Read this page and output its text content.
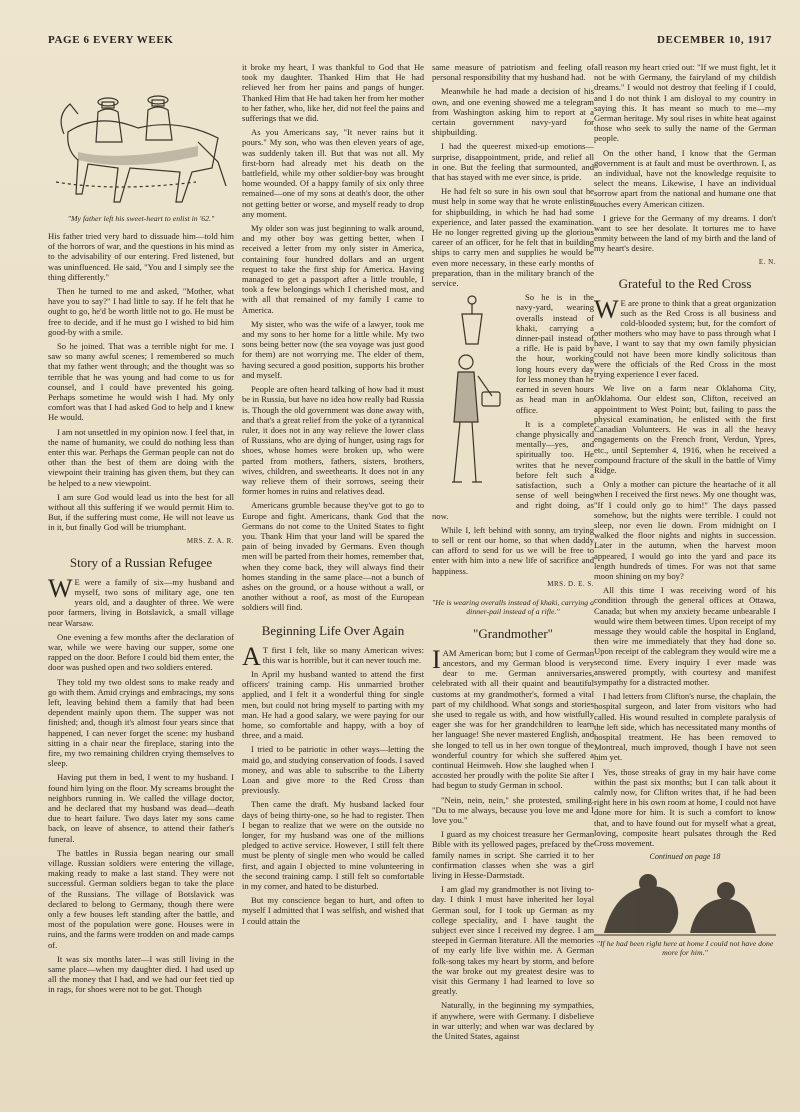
PAGE 6 EVERY WEEK	DECEMBER 10, 1917
"My father left his sweet-heart to enlist in '62."

His father tried very hard to dissuade him—told him of the horrors of war, and the questions in his mind as to the advisability of our entering. Fred listened, but was uninfluenced. He said, "You and I simply see the thing differently."

Then he turned to me and asked, "Mother, what have you to say?" I had little to say. If he felt that he ought to go, he'd be worth little not to go. He must be free to decide, and if he must go I wished to bid him good-by with a smile.

So he joined. That was a terrible night for me. I saw so many awful scenes; I remembered so much that my father went through; and the thought was so terrible that he was young and had come to us for counsel, and I could have prevented his going. Perhaps sometime he would wish I had. My only comfort was that I had asked God to help and I knew He would.

I am not unsettled in my opinion now. I feel that, in the name of humanity, we could do nothing less than enter this war. Perhaps the German people can not do other than the best of them are doing with the viewpoint their training has given them, but they can be helped to a new viewpoint.

I am sure God would lead us into the best for all without all this suffering if we would permit Him to. But, if the suffering must come, He will not leave us in it, but finally God will be triumphant.

MRS. Z. A. R.
Story of a Russian Refugee

W E were a family of six—my husband and myself, two sons of military age, one ten years old, and a daughter of three. We were poor farmers, living in Botslavick, a small village near Warsaw.

One evening a few months after the declaration of war, while we were having our supper, some one rapped on the door. Before I could bid them enter, the door was pushed open and two soldiers entered.

They told my two oldest sons to make ready and go with them. Amid cryings and embracings, my sons left, leaving behind them a family that had been dependent mainly upon them. The supper was not finished; and, though it's almost four years since that happened, I can never forget the scene: my husband sitting in a chair near the fireplace, staring into the fire, my two remaining children crying themselves to sleep.

Having put them in bed, I went to my husband. I found him lying on the floor. My screams brought the neighbors running in. We called the village doctor, and he declared that my husband was dead—death due to heart failure. Two days later my sons came back, on leave of absence, to attend their father's funeral.

The battles in Russia began nearing our small village. Russian soldiers were entering the village, making ready to make a last stand. They were not successful. German soldiers began to take the place of the Russians. The village of Botslavick was declared to belong to Germany, though there were only a few houses left standing after the battle, and most of the population were gone. Houses were in ruins, and the farms were trodden on and made camps of.

It was six months later—I was still living in the same place—when my daughter died. I had used up all the money that I had, and we had our feet tied up in rags, for shoes were not to be got. Though

it broke my heart, I was thankful to God that He took my daughter. Thanked Him that He had relieved her from her pains and pangs of hunger. Thanked Him that He had taken her from her mother to her father, who, like her, did not feel the pains and sufferings that we did.

As you Americans say, "It never rains but it pours." My son, who was then eleven years of age, was suddenly taken ill. But that was not all. My first-born had already met his death on the battlefield, while my other soldier-boy was brought home wounded. Of a happy family of six only three remained—one of my sons at death's door, the other not getting better or worse, and myself ready to drop any moment.

My older son was just beginning to walk around, and my other boy was getting better, when I received a letter from my only sister in America, containing four hundred dollars and an urgent request to take the first ship for America. Having managed to get a passport after a little trouble, I took a few belongings which I cherished most, and with all that remained of my family I came to America.

My sister, who was the wife of a lawyer, took me and my sons to her home for a little while. My two sons being better now (the sea voyage was just good for them) are not worrying me. The elder of them, having secured a good position, supports his brother and myself.

People are often heard talking of how bad it must be in Russia, but have no idea how really bad Russia is. Though the old government was done away with, and that's a great relief from the yoke of a tyrannical ruler, it does not in any way relieve the lower class of Russians, who are dying of hunger, using rags for shoes, whose homes were broken up, who were parted from mothers, fathers, sisters, brothers, wives, children, and sweethearts. It does not in any way relieve them of their sorrows, seeing their former homes in ruins and relatives dead.

Americans grumble because they've got to go to Europe and fight. Americans, thank God that the Germans do not come to the United States to fight you. Thank Him that your land will be spared the pain of being invaded by Germans. Even though men will be parted from their homes, remember that, when they come back, they will always find their homes standing in the same place—not a bunch of ashes on the ground, or a house without a wall, or another without a roof, as most of the European soldiers will find.

Beginning Life Over Again

A T first I felt, like so many American wives: this war is horrible, but it can never touch me.

In April my husband wanted to attend the first officers' training camp. His unmarried brother applied, and I felt it a wonderful thing for single men, but could not bring myself to parting with my man. He had a good salary, we were paying for our home, so comfortable and happy, with a boy of three, and a maid.

I tried to be patriotic in other ways—letting the maid go, and studying conservation of foods. I saved money, and was able to subscribe to the Liberty Loan and give more to the Red Cross than previously.

Then came the draft. My husband lacked four days of being thirty-one, so he had to register. Then I began to realize that we were on the outside no longer, for my husband was one of the millions pledged to active service. However, I still felt there must be plenty of single men who would be called first, and again I objected to mine volunteering in the second training camp. I still felt so comfortable in my corner, and hated to be disturbed.

But my conscience began to hurt, and often to myself I admitted that I was selfish, and wished that I could attain the

same measure of patriotism and feeling of personal responsibility that my husband had.

Meanwhile he had made a decision of his own, and one evening showed me a telegram from Washington asking him to report at a certain government navy-yard for shipbuilding.

I had the queerest mixed-up emotions—surprise, disappointment, pride, and relief all in one. But the feeling that surmounted, and that has stayed with me ever since, is pride.

He had felt so sure in his own soul that he must help in some way that he wrote enlisting for shipbuilding, in which he had had some experience, and later passed the examination. He no longer regretted giving up the glorious career of an officer, for he felt that in building ships to carry men and supplies he would be even more necessary, in these early months of preparation, than in the military branch of the service.

So he is in the navy-yard, wearing overalls instead of khaki, carrying a dinner-pail instead of a rifle. He is paid by the hour, working long hours every day for less money than he earned in seven hours as head man in an office.

It is a complete change physically and mentally—yes, and spiritually too. He writes that he never before felt such a satisfaction, such a sense of well being and right doing, as now.

While I, left behind with sonny, am trying to sell or rent our home, so that when daddy can afford to send for us we will be free to enter with him into a new life of sacrifice and happiness.

MRS. D. E. S.
"He is wearing overalls instead of khaki, carrying a dinner-pail instead of a rifle."
"Grandmother"

I AM American born; but I come of German ancestors, and my German blood is very dear to me. German anniversaries, celebrated with all their quaint and beautiful customs at my grandmother's, formed a vital part of my childhood. What songs and stories she used to regale us with, and how wistfully eager she was for her grandchildren to learn her language! She never mastered English, and she longed to tell us in her own tongue of the wonderful country for which she suffered a continual Heimweh. How she laughed when I accosted her proudly with the polite Sie after I had begun to study German in school.

"Nein, nein, nein," she protested, smiling. "Du to me always, because you love me and I love you."

I guard as my choicest treasure her German Bible with its yellowed pages, prefaced by the family names in script. She carried it to her confirmation classes when she was a girl living in Hesse-Darmstadt.

I am glad my grandmother is not living to-day. I think I must have inherited her loyal German soul, for I took up German as my college speciality, and I have taught the subject ever since I received my degree. I am steeped in German literature. All the memories of my early life live within me. A German folk-song takes my heart by storm, and before the war broke out my greatest desire was to visit this Germany I had learned to love so greatly.

Naturally, in the beginning my sympathies, if anywhere, were with Germany. I disbelieve in war utterly; and when war was declared by the United States, against

all reason my heart cried out: "If we must fight, let it not be with Germany, the fairyland of my childish dreams." I would not destroy that feeling if I could, and I do not think I am disloyal to my country in saying this. It has meant so much to me—my German heritage. My soul rises in white heat against those who seek to sully the name of the German people.

On the other hand, I know that the German government is at fault and must be overthrown. I, as an individual, have not the knowledge requisite to select the means. Likewise, I have an individual sorrow apart from the national and humane one that touches every American citizen.

I grieve for the Germany of my dreams. I don't want to see her desolate. It tortures me to have enmity between the land of my birth and the land of my heart's desire.

E. N.
Grateful to the Red Cross

W E are prone to think that a great organization such as the Red Cross is all business and cold-blooded system; but, for the comfort of other mothers who may have to pass through what I have, I want to say that my own family physician could not have been more kindly solicitous than were the officials of the Red Cross in the most trying experience I ever faced.

We live on a farm near Oklahoma City, Oklahoma. Our eldest son, Clifton, received an appointment to West Point; but, failing to pass the physical examination, he enlisted with the first Canadian Volunteers. He was in all the heavy engagements on the French front, Verdun, Ypres, etc., until September 4, 1916, when he received a compound fracture of the skull in the battle of Vimy Ridge.

Only a mother can picture the heartache of it all when I received the first news. My one thought was, "If I could only go to him!" The days passed somehow, but the nights were terrible. I could not sleep, nor even lie down. From midnight on I walked the floor nights and nights in succession. Later in the autumn, when the harvest moon appeared, I would go into the yard and pace its length hundreds of times. For was not that same moon shining on my boy?

All this time I was receiving word of his condition through the general offices at Ottawa, Canada; but when my anxiety became unbearable I would wire them between times. Upon receipt of my message they would cable the hospital in England, then wire me immediately that they had done so. Upon receipt of the cablegram they would wire me a second time. Every inquiry I ever made was answered promptly, with courtesy and manifest sympathy for a distracted mother.

I had letters from Clifton's nurse, the chaplain, the hospital surgeon, and later from visitors who had called. His wound resulted in complete paralysis of the left side, which has necessitated many months of hospital treatment. He has been removed to Montreal, much improved, though I have not seen him yet.

Yes, those streaks of gray in my hair have come within the past six months; but I can talk about it calmly now, for Clifton writes that, if he had been right here in his own room at home, I could not have done more for him. It is such a comfort to know that, and to have found out for myself what a great, loving, composite heart pulsates through the Red Cross movement.

Continued on page 18
"If he had been right here at home I could not have done more for him."
